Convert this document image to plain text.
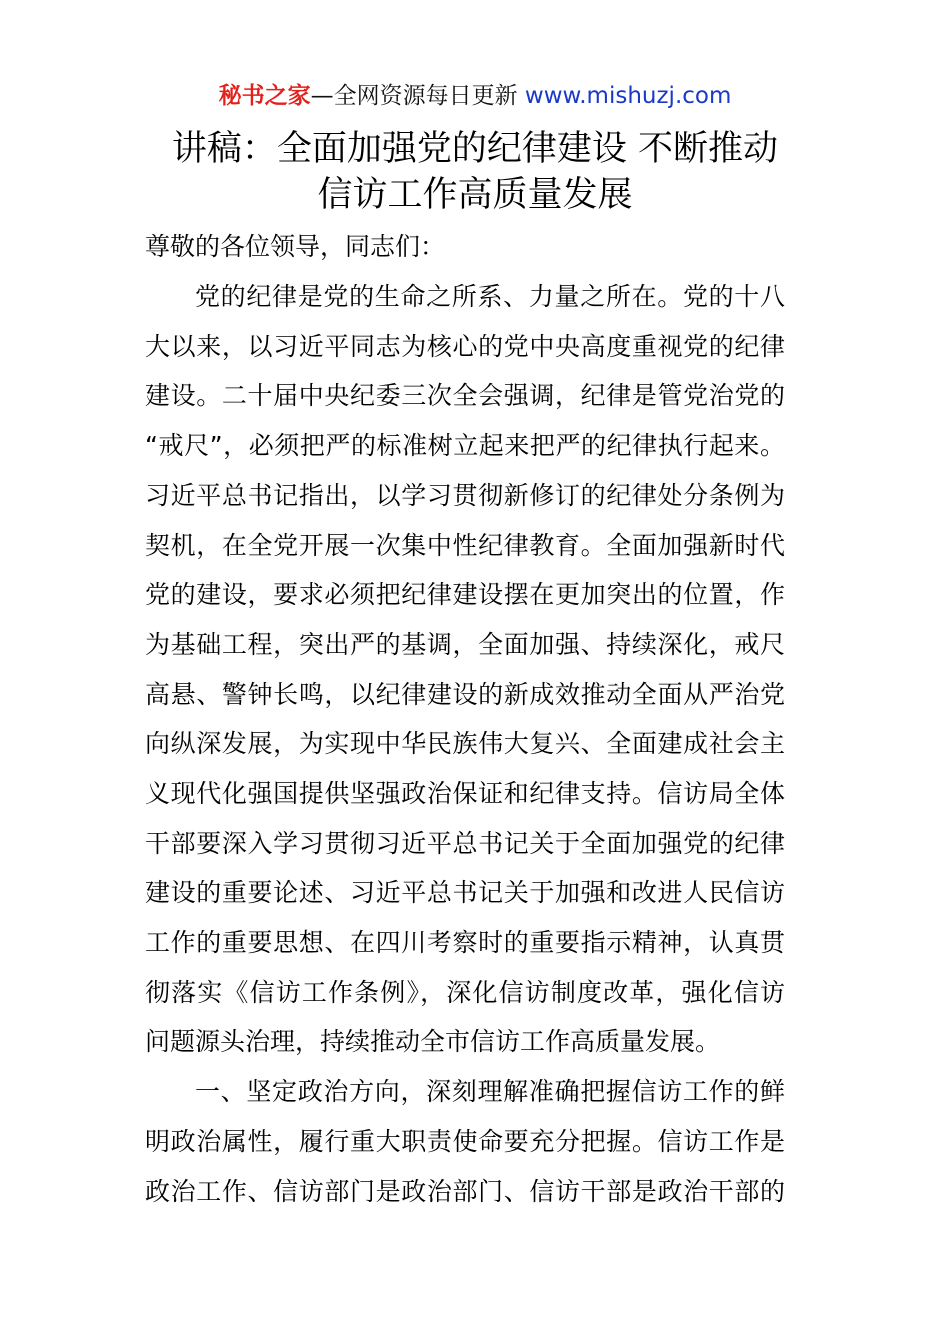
秘书之家—全网资源每日更新 www.mishuzj.com
讲稿：全面加强党的纪律建设 不断推动
信访工作高质量发展
尊敬的各位领导，同志们：
党的纪律是党的生命之所系、力量之所在。党的十八
大以来，以习近平同志为核心的党中央高度重视党的纪律
建设。二十届中央纪委三次全会强调，纪律是管党治党的
“戒尺”，必须把严的标准树立起来把严的纪律执行起来。
习近平总书记指出，以学习贯彻新修订的纪律处分条例为
契机，在全党开展一次集中性纪律教育。全面加强新时代
党的建设，要求必须把纪律建设摆在更加突出的位置，作
为基础工程，突出严的基调，全面加强、持续深化，戒尺
高悬、警钟长鸣，以纪律建设的新成效推动全面从严治党
向纵深发展，为实现中华民族伟大复兴、全面建成社会主
义现代化强国提供坚强政治保证和纪律支持。信访局全体
干部要深入学习贯彻习近平总书记关于全面加强党的纪律
建设的重要论述、习近平总书记关于加强和改进人民信访
工作的重要思想、在四川考察时的重要指示精神，认真贯
彻落实《信访工作条例》，深化信访制度改革，强化信访
问题源头治理，持续推动全市信访工作高质量发展。
一、坚定政治方向，深刻理解准确把握信访工作的鲜
明政治属性，履行重大职责使命要充分把握。信访工作是
政治工作、信访部门是政治部门、信访干部是政治干部的
